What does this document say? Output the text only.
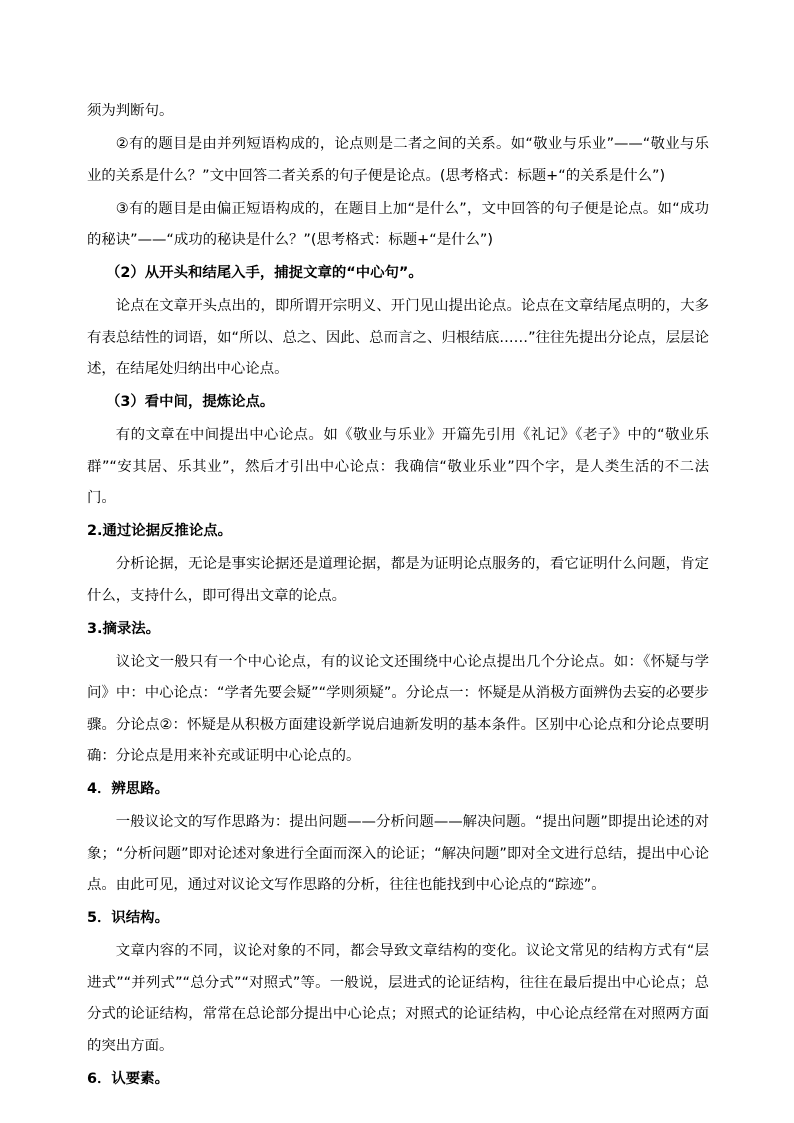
须为判断句。

②有的题目是由并列短语构成的，论点则是二者之间的关系。如“敬业与乐业”——“敬业与乐业的关系是什么？”文中回答二者关系的句子便是论点。(思考格式：标题+“的关系是什么”)

③有的题目是由偏正短语构成的，在题目上加“是什么”，文中回答的句子便是论点。如“成功的秘诀”——“成功的秘诀是什么？”(思考格式：标题+“是什么”)

（2）从开头和结尾入手，捕捉文章的“中心句”。

论点在文章开头点出的，即所谓开宗明义、开门见山提出论点。论点在文章结尾点明的，大多有表总结性的词语，如“所以、总之、因此、总而言之、归根结底……”往往先提出分论点，层层论述，在结尾处归纳出中心论点。

（3）看中间，提炼论点。

有的文章在中间提出中心论点。如《敬业与乐业》开篇先引用《礼记》《老子》中的“敬业乐群”“安其居、乐其业”，然后才引出中心论点：我确信“敬业乐业”四个字，是人类生活的不二法门。

2.通过论据反推论点。

分析论据，无论是事实论据还是道理论据，都是为证明论点服务的，看它证明什么问题，肯定什么，支持什么，即可得出文章的论点。

3.摘录法。

议论文一般只有一个中心论点，有的议论文还围绕中心论点提出几个分论点。如：《怀疑与学问》中：中心论点：“学者先要会疑”“学则须疑”。分论点一：怀疑是从消极方面辨伪去妄的必要步骤。分论点②：怀疑是从积极方面建设新学说启迪新发明的基本条件。区别中心论点和分论点要明确：分论点是用来补充或证明中心论点的。

4．辨思路。

一般议论文的写作思路为：提出问题——分析问题——解决问题。“提出问题”即提出论述的对象；“分析问题”即对论述对象进行全面而深入的论证；“解决问题”即对全文进行总结，提出中心论点。由此可见，通过对议论文写作思路的分析，往往也能找到中心论点的“踪迹”。

5．识结构。

文章内容的不同，议论对象的不同，都会导致文章结构的变化。议论文常见的结构方式有“层进式”“并列式”“总分式”“对照式”等。一般说，层进式的论证结构，往往在最后提出中心论点；总分式的论证结构，常常在总论部分提出中心论点；对照式的论证结构，中心论点经常在对照两方面的突出方面。

6．认要素。
